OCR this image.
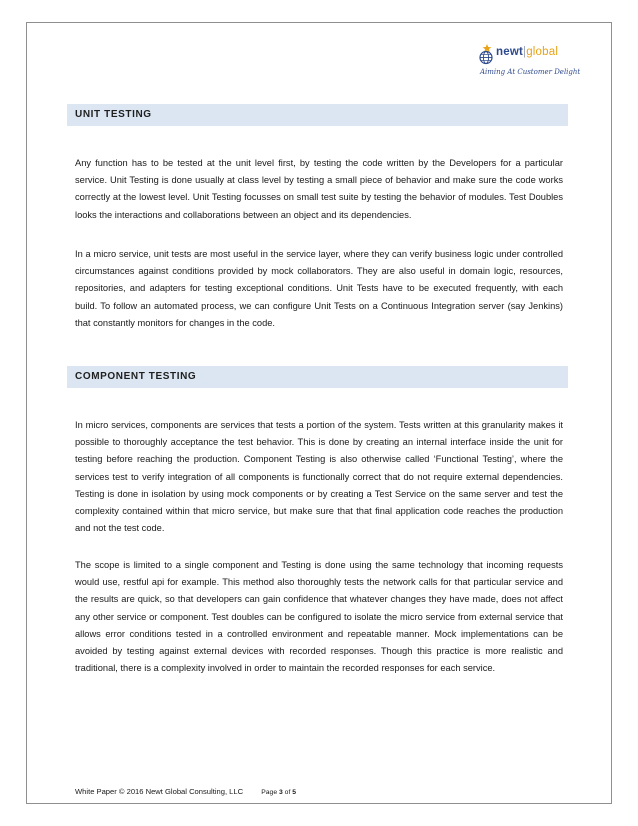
newt|global
Aiming At Customer Delight
UNIT TESTING

Any function has to be tested at the unit level first, by testing the code written by the Developers for a particular service. Unit Testing is done usually at class level by testing a small piece of behavior and make sure the code works correctly at the lowest level. Unit Testing focusses on small test suite by testing the behavior of modules. Test Doubles looks the interactions and collaborations between an object and its dependencies.

In a micro service, unit tests are most useful in the service layer, where they can verify business logic under controlled circumstances against conditions provided by mock collaborators. They are also useful in domain logic, resources, repositories, and adapters for testing exceptional conditions. Unit Tests have to be executed frequently, with each build. To follow an automated process, we can configure Unit Tests on a Continuous Integration server (say Jenkins) that constantly monitors for changes in the code.

COMPONENT TESTING

In micro services, components are services that tests a portion of the system. Tests written at this granularity makes it possible to thoroughly acceptance the test behavior. This is done by creating an internal interface inside the unit for testing before reaching the production. Component Testing is also otherwise called ‘Functional Testing’, where the services test to verify integration of all components is functionally correct that do not require external dependencies. Testing is done in isolation by using mock components or by creating a Test Service on the same server and test the complexity contained within that micro service, but make sure that that final application code reaches the production and not the test code.

The scope is limited to a single component and Testing is done using the same technology that incoming requests would use, restful api for example. This method also thoroughly tests the network calls for that particular service and the results are quick, so that developers can gain confidence that whatever changes they have made, does not affect any other service or component. Test doubles can be configured to isolate the micro service from external service that allows error conditions tested in a controlled environment and repeatable manner. Mock implementations can be avoided by testing against external devices with recorded responses. Though this practice is more realistic and traditional, there is a complexity involved in order to maintain the recorded responses for each service.

White Paper © 2016 Newt Global Consulting, LLC	Page 3 of 5
